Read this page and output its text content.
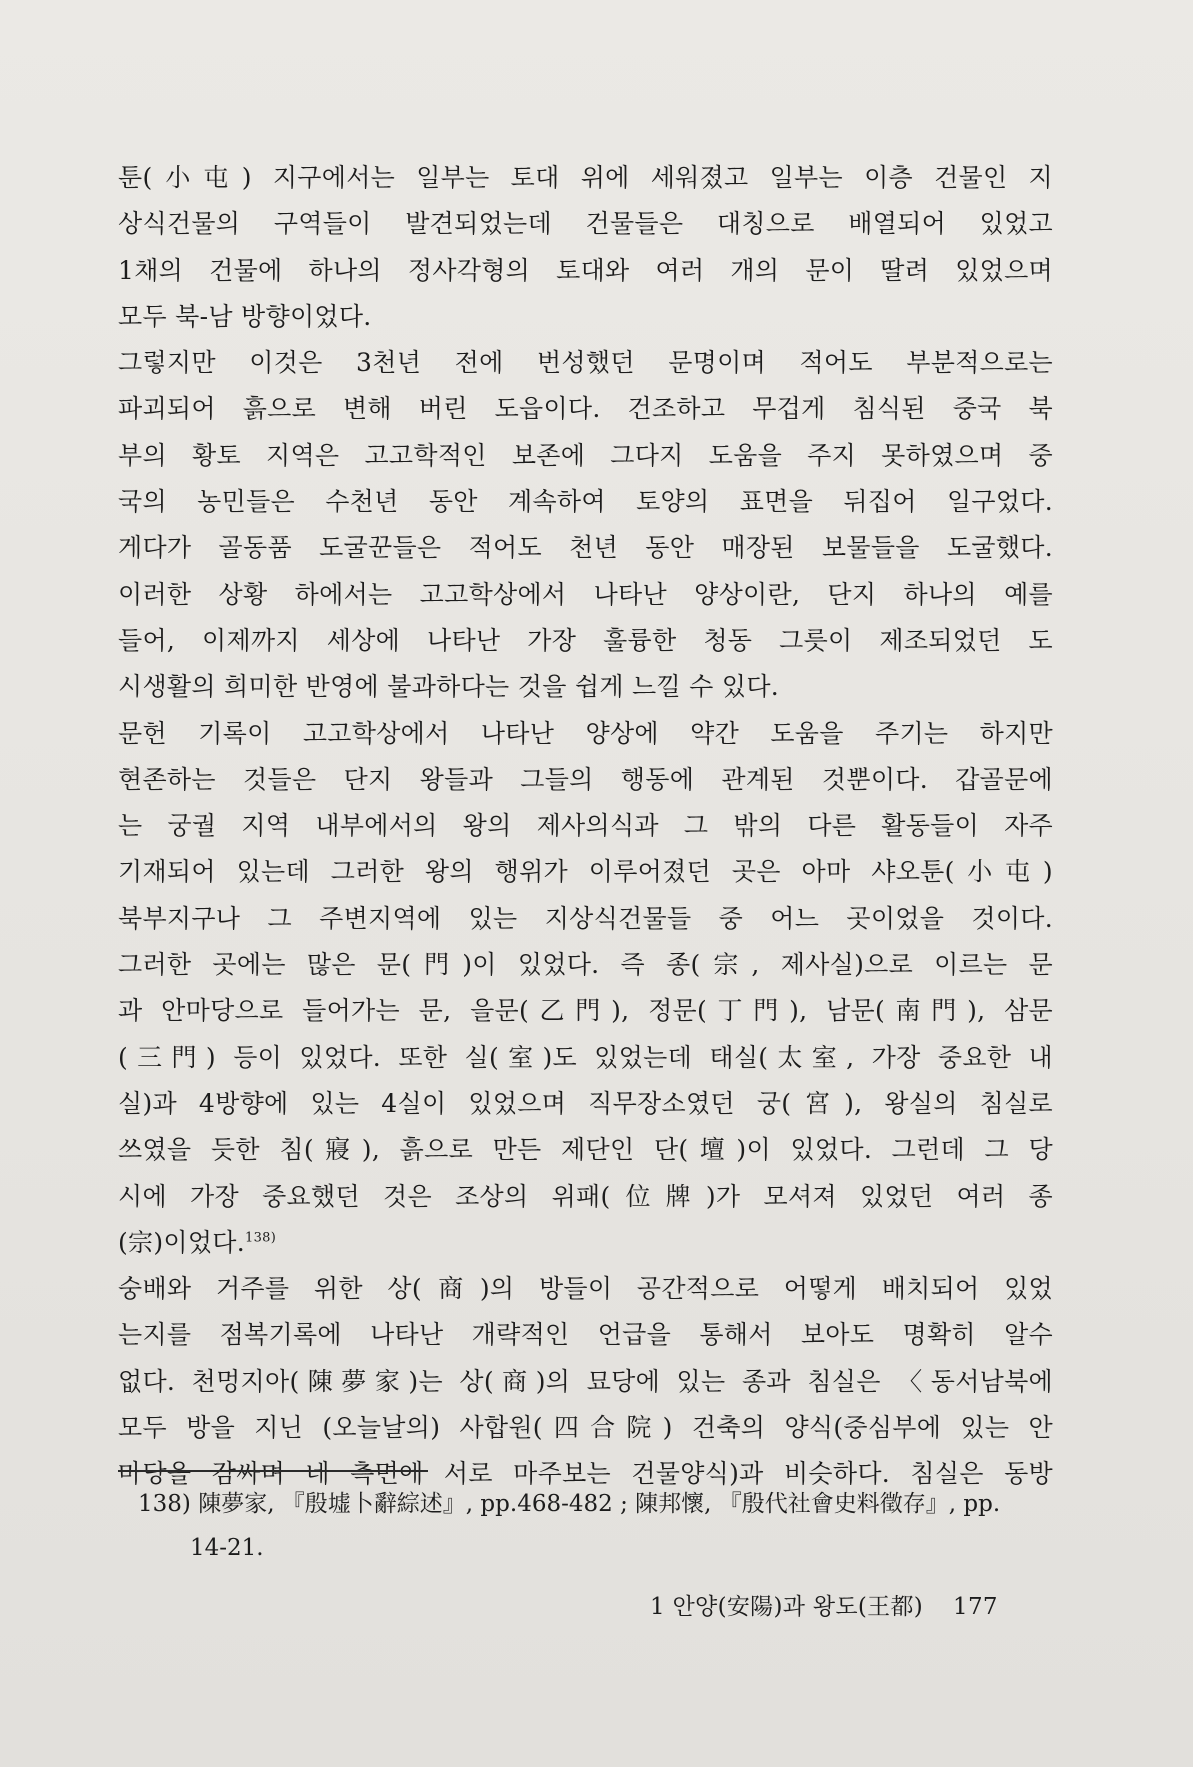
툰(小屯) 지구에서는 일부는 토대 위에 세워졌고 일부는 이층 건물인 지
상식건물의 구역들이 발견되었는데 건물들은 대칭으로 배열되어 있었고
1채의 건물에 하나의 정사각형의 토대와 여러 개의 문이 딸려 있었으며
모두 북-남 방향이었다.

그렇지만 이것은 3천년 전에 번성했던 문명이며 적어도 부분적으로는
파괴되어 흙으로 변해 버린 도읍이다. 건조하고 무겁게 침식된 중국 북
부의 황토 지역은 고고학적인 보존에 그다지 도움을 주지 못하였으며 중
국의 농민들은 수천년 동안 계속하여 토양의 표면을 뒤집어 일구었다.
게다가 골동품 도굴꾼들은 적어도 천년 동안 매장된 보물들을 도굴했다.
이러한 상황 하에서는 고고학상에서 나타난 양상이란, 단지 하나의 예를
들어, 이제까지 세상에 나타난 가장 훌륭한 청동 그릇이 제조되었던 도
시생활의 희미한 반영에 불과하다는 것을 쉽게 느낄 수 있다.

문헌 기록이 고고학상에서 나타난 양상에 약간 도움을 주기는 하지만
현존하는 것들은 단지 왕들과 그들의 행동에 관계된 것뿐이다. 갑골문에
는 궁궐 지역 내부에서의 왕의 제사의식과 그 밖의 다른 활동들이 자주
기재되어 있는데 그러한 왕의 행위가 이루어졌던 곳은 아마 샤오툰(小屯)
북부지구나 그 주변지역에 있는 지상식건물들 중 어느 곳이었을 것이다.
그러한 곳에는 많은 문(門)이 있었다. 즉 종(宗, 제사실)으로 이르는 문
과 안마당으로 들어가는 문, 을문(乙門), 정문(丁門), 남문(南門), 삼문
(三門) 등이 있었다. 또한 실(室)도 있었는데 태실(太室, 가장 중요한 내
실)과 4방향에 있는 4실이 있었으며 직무장소였던 궁(宮), 왕실의 침실로
쓰였을 듯한 침(寢), 흙으로 만든 제단인 단(壇)이 있었다. 그런데 그 당
시에 가장 중요했던 것은 조상의 위패(位牌)가 모셔져 있었던 여러 종
(宗)이었다.$^{138)}$

숭배와 거주를 위한 상(商)의 방들이 공간적으로 어떻게 배치되어 있었
는지를 점복기록에 나타난 개략적인 언급을 통해서 보아도 명확히 알수
없다. 천멍지아(陳夢家)는 상(商)의 묘당에 있는 종과 침실은 〈동서남북에
모두 방을 지닌 (오늘날의) 사합원(四合院) 건축의 양식(중심부에 있는 안
마당을 감싸며 네 측면에 서로 마주보는 건물양식)과 비슷하다. 침실은 동방

138) 陳夢家, 『殷墟卜辭綜述』, pp.468-482 ; 陳邦懷, 『殷代社會史料徵存』, pp.
14-21.
1 안양(安陽)과 왕도(王都) 177
